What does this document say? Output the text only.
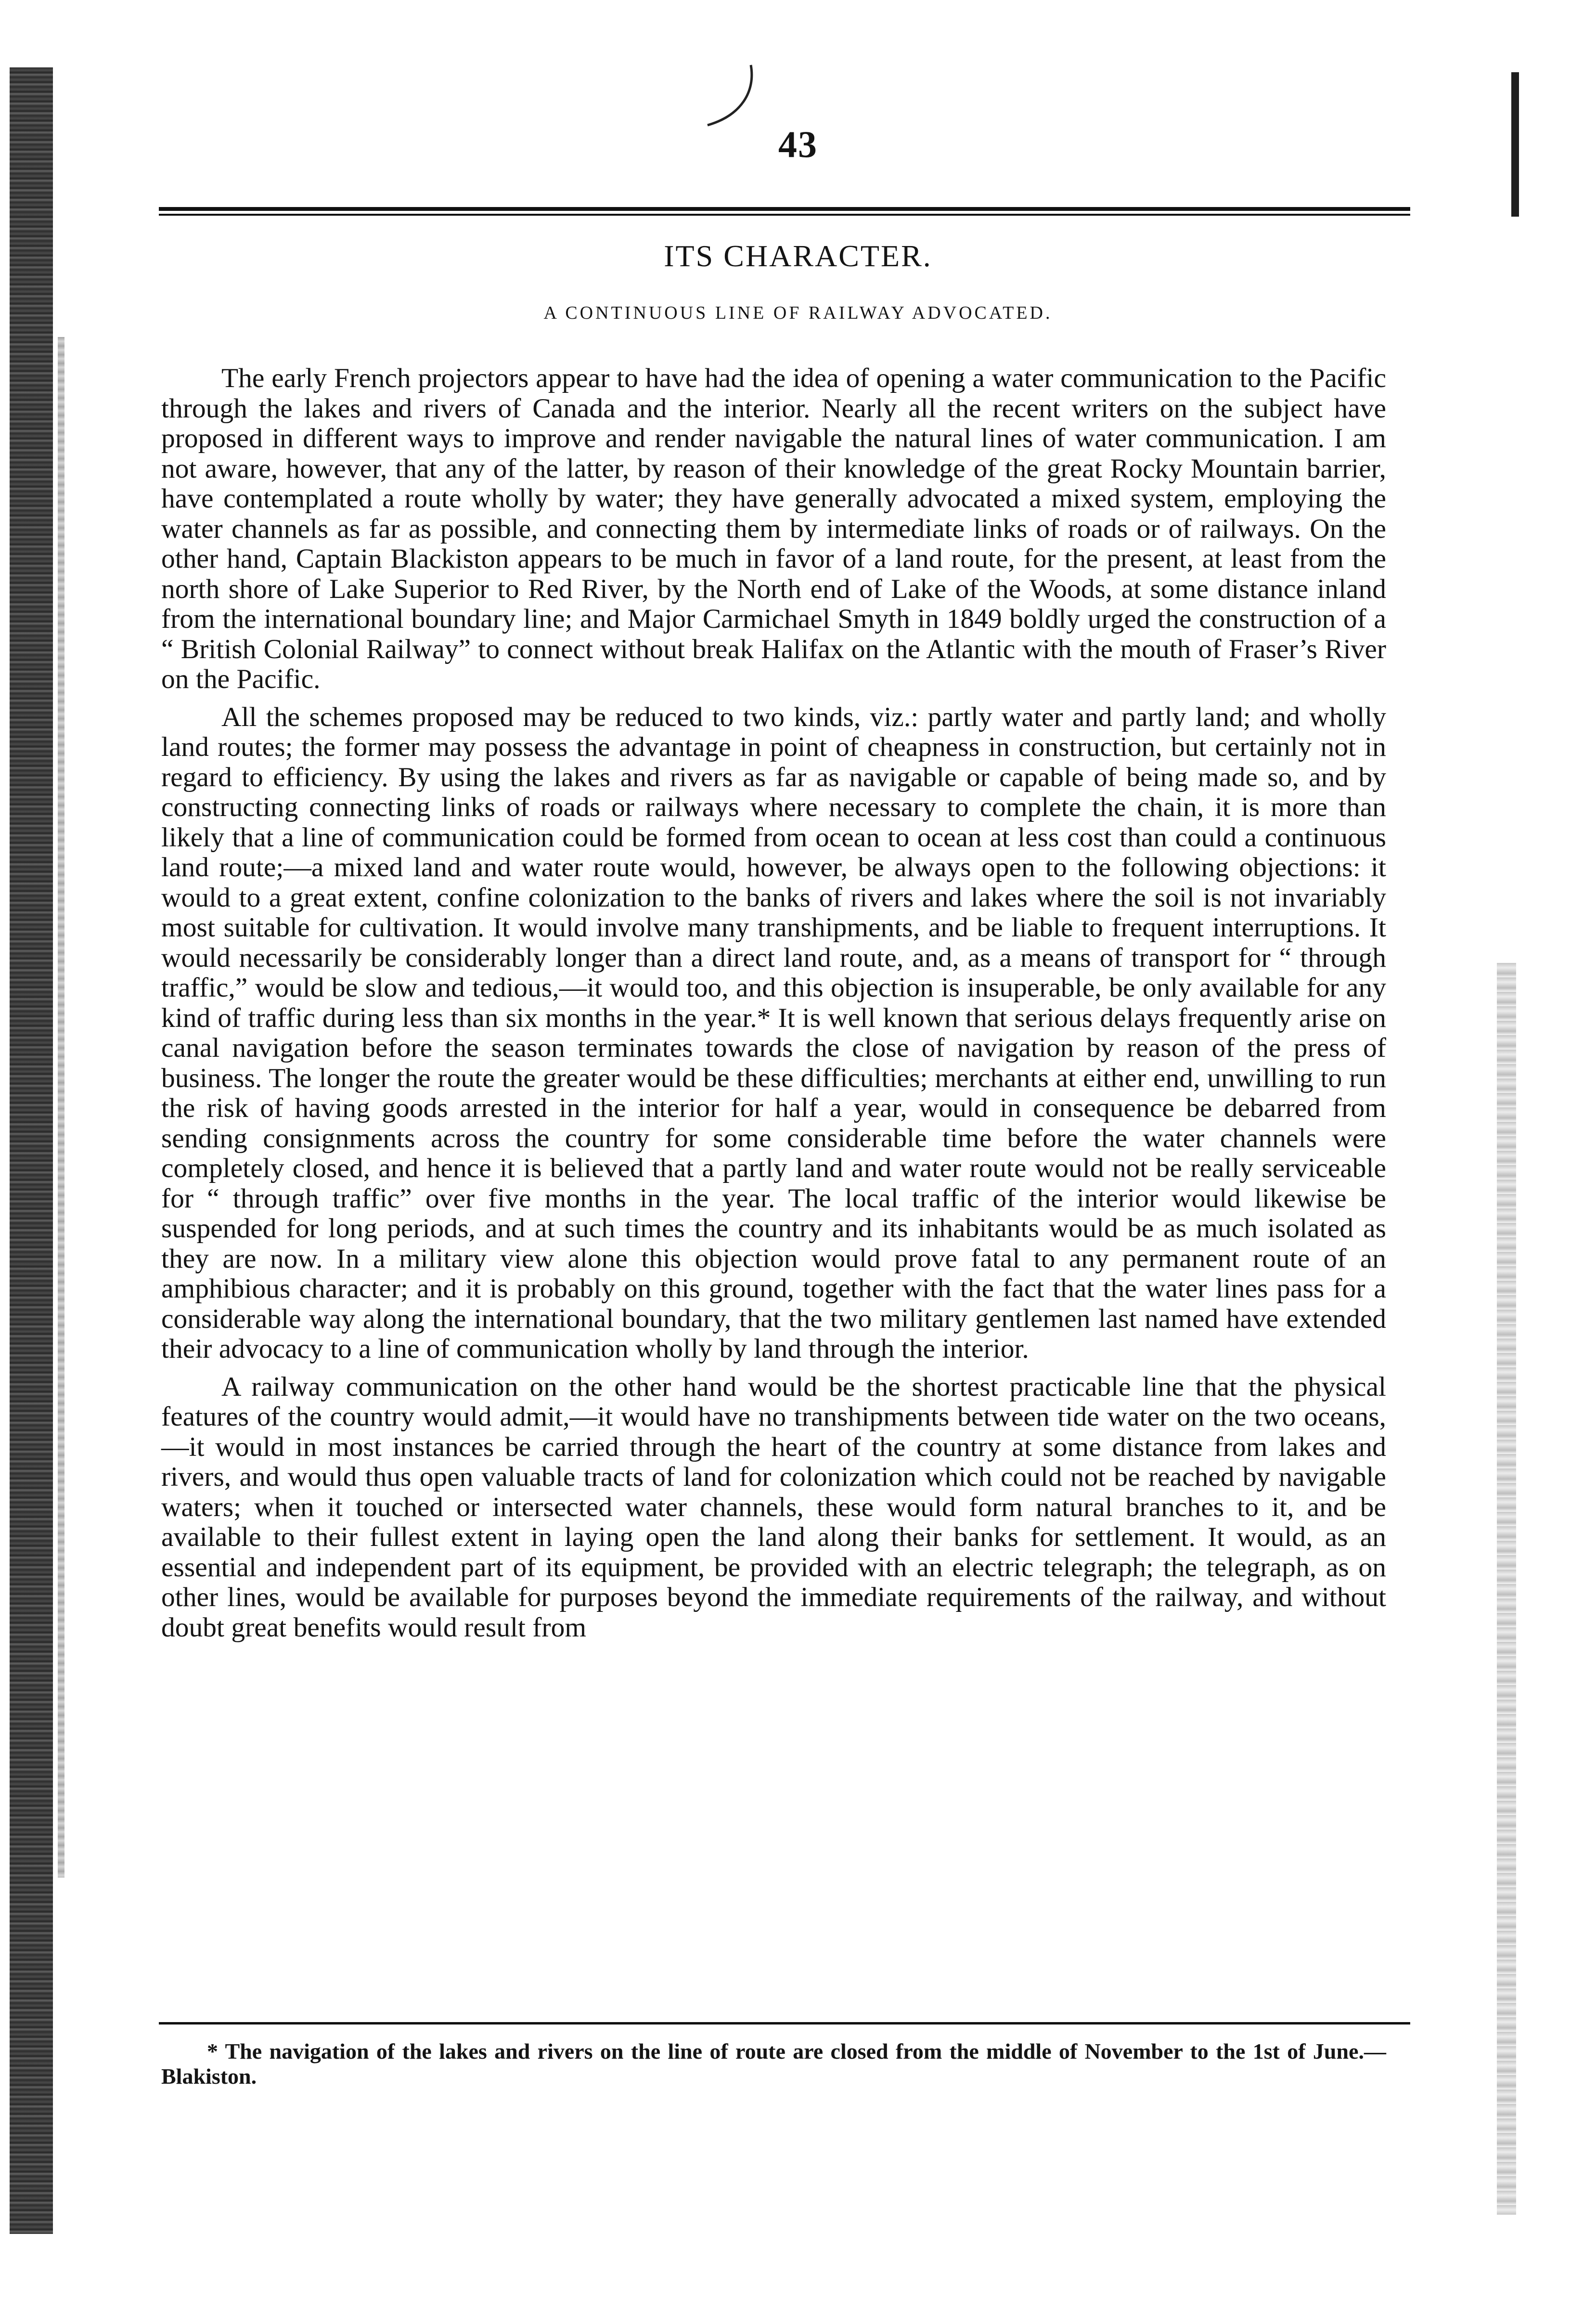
43
ITS CHARACTER.
A CONTINUOUS LINE OF RAILWAY ADVOCATED.

The early French projectors appear to have had the idea of opening a water communication to the Pacific through the lakes and rivers of Canada and the interior. Nearly all the recent writers on the subject have proposed in different ways to improve and render navigable the natural lines of water communication. I am not aware, however, that any of the latter, by reason of their knowledge of the great Rocky Mountain barrier, have contemplated a route wholly by water; they have generally advocated a mixed system, employing the water channels as far as possible, and connecting them by intermediate links of roads or of railways. On the other hand, Captain Blackiston appears to be much in favor of a land route, for the present, at least from the north shore of Lake Superior to Red River, by the North end of Lake of the Woods, at some distance inland from the international boundary line; and Major Carmichael Smyth in 1849 boldly urged the construction of a “ British Colonial Railway” to connect without break Halifax on the Atlantic with the mouth of Fraser’s River on the Pacific.

All the schemes proposed may be reduced to two kinds, viz.: partly water and partly land; and wholly land routes; the former may possess the advantage in point of cheapness in construction, but certainly not in regard to efficiency. By using the lakes and rivers as far as navigable or capable of being made so, and by constructing connecting links of roads or railways where necessary to complete the chain, it is more than likely that a line of communication could be formed from ocean to ocean at less cost than could a continuous land route;—a mixed land and water route would, however, be always open to the following objections: it would to a great extent, confine colonization to the banks of rivers and lakes where the soil is not invariably most suitable for cultivation. It would involve many transhipments, and be liable to frequent interruptions. It would necessarily be considerably longer than a direct land route, and, as a means of transport for “ through traffic,” would be slow and tedious,—it would too, and this objection is insuperable, be only available for any kind of traffic during less than six months in the year.* It is well known that serious delays frequently arise on canal navigation before the season terminates towards the close of navigation by reason of the press of business. The longer the route the greater would be these difficulties; merchants at either end, unwilling to run the risk of having goods arrested in the interior for half a year, would in consequence be debarred from sending consignments across the country for some considerable time before the water channels were completely closed, and hence it is believed that a partly land and water route would not be really serviceable for “ through traffic” over five months in the year. The local traffic of the interior would likewise be suspended for long periods, and at such times the country and its inhabitants would be as much isolated as they are now. In a military view alone this objection would prove fatal to any permanent route of an amphibious character; and it is probably on this ground, together with the fact that the water lines pass for a considerable way along the international boundary, that the two military gentlemen last named have extended their advocacy to a line of communication wholly by land through the interior.

A railway communication on the other hand would be the shortest practicable line that the physical features of the country would admit,—it would have no transhipments between tide water on the two oceans,—it would in most instances be carried through the heart of the country at some distance from lakes and rivers, and would thus open valuable tracts of land for colonization which could not be reached by navigable waters; when it touched or intersected water channels, these would form natural branches to it, and be available to their fullest extent in laying open the land along their banks for settlement. It would, as an essential and independent part of its equipment, be provided with an electric telegraph; the telegraph, as on other lines, would be available for purposes beyond the immediate requirements of the railway, and without doubt great benefits would result from

* The navigation of the lakes and rivers on the line of route are closed from the middle of November to the 1st of June.—Blakiston.
